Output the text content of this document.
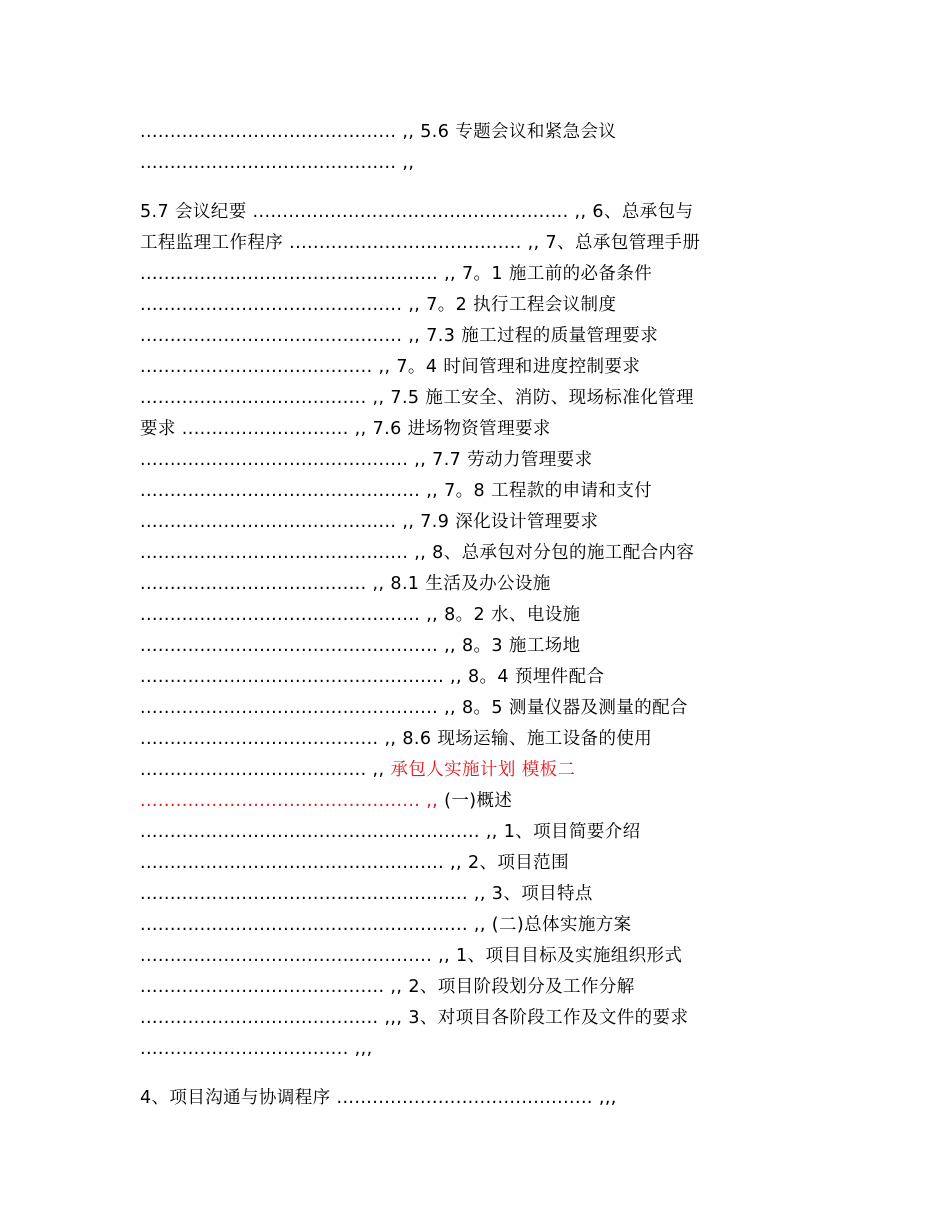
........................................... ,, 5.6 专题会议和紧急会议
........................................... ,,
5.7 会议纪要 ..................................................... ,, 6、总承包与
工程监理工作程序 ....................................... ,, 7、总承包管理手册
.................................................. ,, 7。1 施工前的必备条件
............................................ ,, 7。2 执行工程会议制度
............................................ ,, 7.3 施工过程的质量管理要求
....................................... ,, 7。4 时间管理和进度控制要求
...................................... ,, 7.5 施工安全、消防、现场标准化管理
要求 ............................ ,, 7.6 进场物资管理要求
............................................. ,, 7.7 劳动力管理要求
............................................... ,, 7。8 工程款的申请和支付
........................................... ,, 7.9 深化设计管理要求
............................................. ,, 8、总承包对分包的施工配合内容
...................................... ,, 8.1 生活及办公设施
............................................... ,, 8。2 水、电设施
.................................................. ,, 8。3 施工场地
................................................... ,, 8。4 预埋件配合
.................................................. ,, 8。5 测量仪器及测量的配合
........................................ ,, 8.6 现场运输、施工设备的使用
...................................... ,, 承包人实施计划 模板二
............................................... ,, (一)概述
......................................................... ,, 1、项目简要介绍
................................................... ,, 2、项目范围
....................................................... ,, 3、项目特点
....................................................... ,, (二)总体实施方案
................................................. ,, 1、项目目标及实施组织形式
......................................... ,, 2、项目阶段划分及工作分解
........................................ ,,, 3、对项目各阶段工作及文件的要求
................................... ,,,
4、项目沟通与协调程序 ........................................... ,,,
